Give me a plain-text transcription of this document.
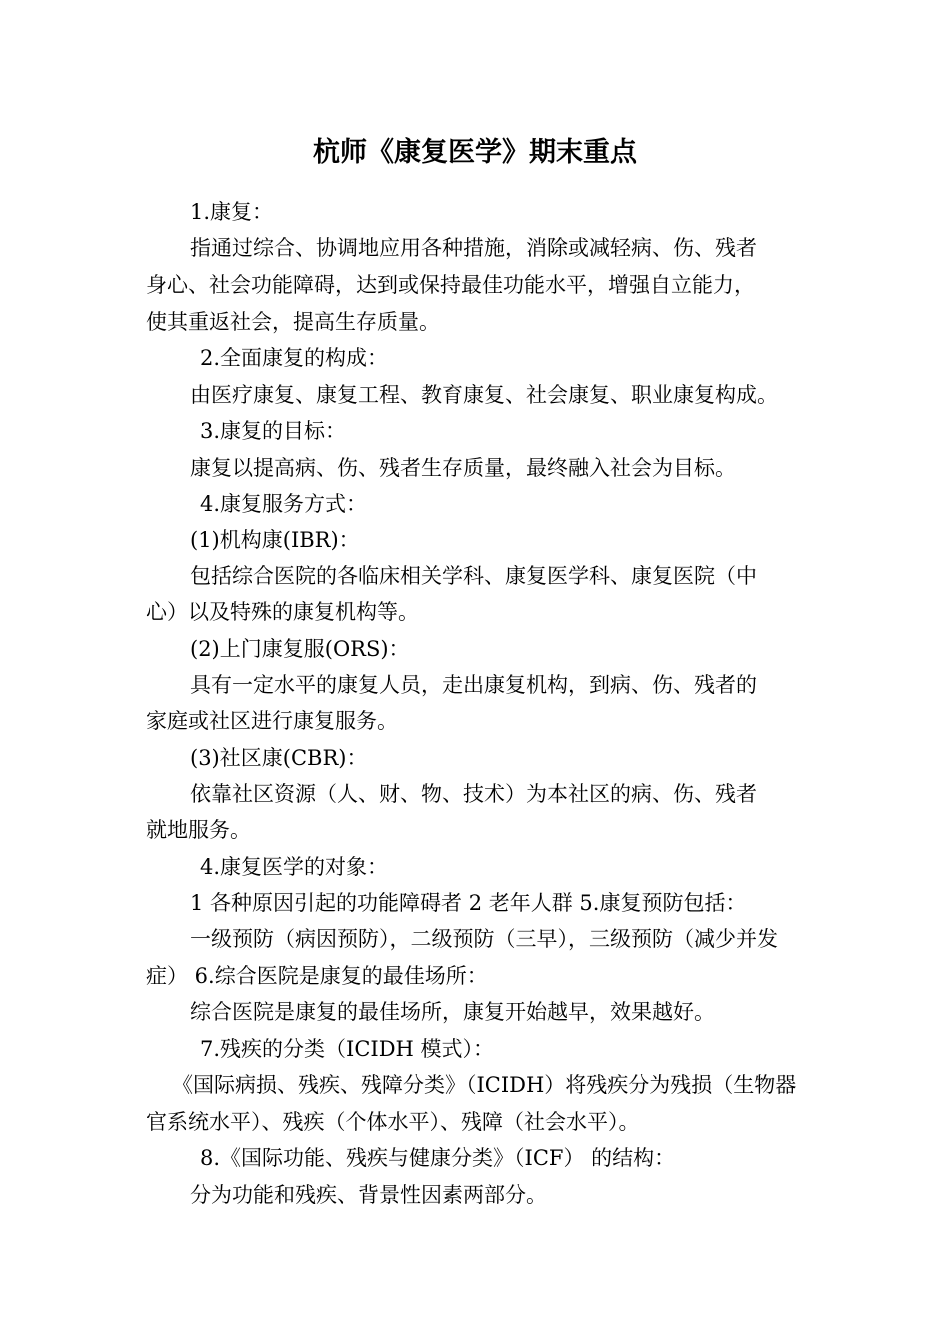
杭师《康复医学》期末重点

1.康复：

指通过综合、协调地应用各种措施，消除或减轻病、伤、残者

身心、社会功能障碍，达到或保持最佳功能水平，增强自立能力，

使其重返社会，提高生存质量。

2.全面康复的构成：

由医疗康复、康复工程、教育康复、社会康复、职业康复构成。

3.康复的目标：

康复以提高病、伤、残者生存质量，最终融入社会为目标。

4.康复服务方式：

(1)机构康(IBR)：

包括综合医院的各临床相关学科、康复医学科、康复医院（中

心）以及特殊的康复机构等。

(2)上门康复服(ORS)：

具有一定水平的康复人员，走出康复机构，到病、伤、残者的

家庭或社区进行康复服务。

(3)社区康(CBR)：

依靠社区资源（人、财、物、技术）为本社区的病、伤、残者

就地服务。

4.康复医学的对象：

1 各种原因引起的功能障碍者 2 老年人群 5.康复预防包括：

一级预防（病因预防），二级预防（三早），三级预防（减少并发

症） 6.综合医院是康复的最佳场所：

综合医院是康复的最佳场所，康复开始越早，效果越好。

7.残疾的分类（ICIDH 模式）：

《国际病损、残疾、残障分类》（ICIDH）将残疾分为残损（生物器

官系统水平）、残疾（个体水平）、残障（社会水平）。

8.《国际功能、残疾与健康分类》（ICF） 的结构：

分为功能和残疾、背景性因素两部分。
